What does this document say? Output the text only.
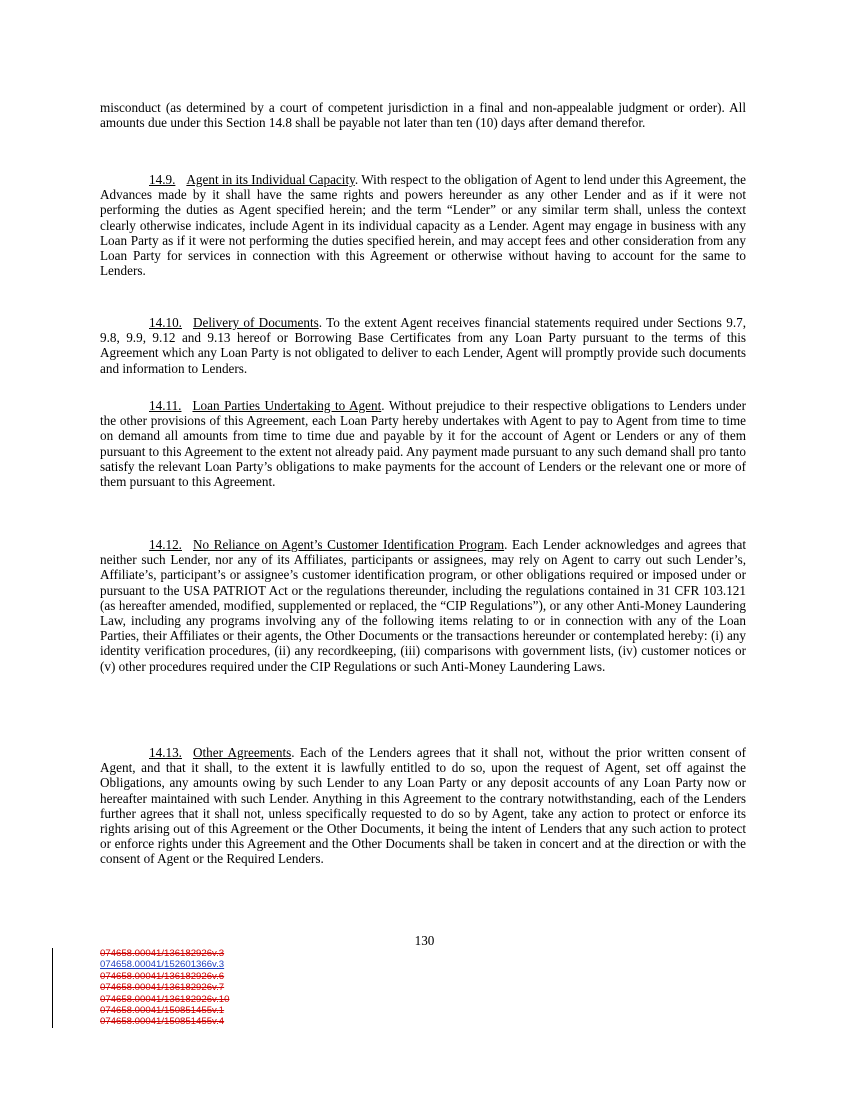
misconduct (as determined by a court of competent jurisdiction in a final and non-appealable judgment or order). All amounts due under this Section 14.8 shall be payable not later than ten (10) days after demand therefor.

14.9. Agent in its Individual Capacity. With respect to the obligation of Agent to lend under this Agreement, the Advances made by it shall have the same rights and powers hereunder as any other Lender and as if it were not performing the duties as Agent specified herein; and the term “Lender” or any similar term shall, unless the context clearly otherwise indicates, include Agent in its individual capacity as a Lender. Agent may engage in business with any Loan Party as if it were not performing the duties specified herein, and may accept fees and other consideration from any Loan Party for services in connection with this Agreement or otherwise without having to account for the same to Lenders.

14.10. Delivery of Documents. To the extent Agent receives financial statements required under Sections 9.7, 9.8, 9.9, 9.12 and 9.13 hereof or Borrowing Base Certificates from any Loan Party pursuant to the terms of this Agreement which any Loan Party is not obligated to deliver to each Lender, Agent will promptly provide such documents and information to Lenders.

14.11. Loan Parties Undertaking to Agent. Without prejudice to their respective obligations to Lenders under the other provisions of this Agreement, each Loan Party hereby undertakes with Agent to pay to Agent from time to time on demand all amounts from time to time due and payable by it for the account of Agent or Lenders or any of them pursuant to this Agreement to the extent not already paid. Any payment made pursuant to any such demand shall pro tanto satisfy the relevant Loan Party’s obligations to make payments for the account of Lenders or the relevant one or more of them pursuant to this Agreement.

14.12. No Reliance on Agent’s Customer Identification Program. Each Lender acknowledges and agrees that neither such Lender, nor any of its Affiliates, participants or assignees, may rely on Agent to carry out such Lender’s, Affiliate’s, participant’s or assignee’s customer identification program, or other obligations required or imposed under or pursuant to the USA PATRIOT Act or the regulations thereunder, including the regulations contained in 31 CFR 103.121 (as hereafter amended, modified, supplemented or replaced, the “CIP Regulations”), or any other Anti-Money Laundering Law, including any programs involving any of the following items relating to or in connection with any of the Loan Parties, their Affiliates or their agents, the Other Documents or the transactions hereunder or contemplated hereby: (i) any identity verification procedures, (ii) any recordkeeping, (iii) comparisons with government lists, (iv) customer notices or (v) other procedures required under the CIP Regulations or such Anti-Money Laundering Laws.

14.13. Other Agreements. Each of the Lenders agrees that it shall not, without the prior written consent of Agent, and that it shall, to the extent it is lawfully entitled to do so, upon the request of Agent, set off against the Obligations, any amounts owing by such Lender to any Loan Party or any deposit accounts of any Loan Party now or hereafter maintained with such Lender. Anything in this Agreement to the contrary notwithstanding, each of the Lenders further agrees that it shall not, unless specifically requested to do so by Agent, take any action to protect or enforce its rights arising out of this Agreement or the Other Documents, it being the intent of Lenders that any such action to protect or enforce rights under this Agreement and the Other Documents shall be taken in concert and at the direction or with the consent of Agent or the Required Lenders.

130
074658.00041/136182926v.3
074658.00041/152601366v.3
074658.00041/136182926v.6
074658.00041/136182926v.7
074658.00041/136182926v.10
074658.00041/150851455v.1
074658.00041/150851455v.4
